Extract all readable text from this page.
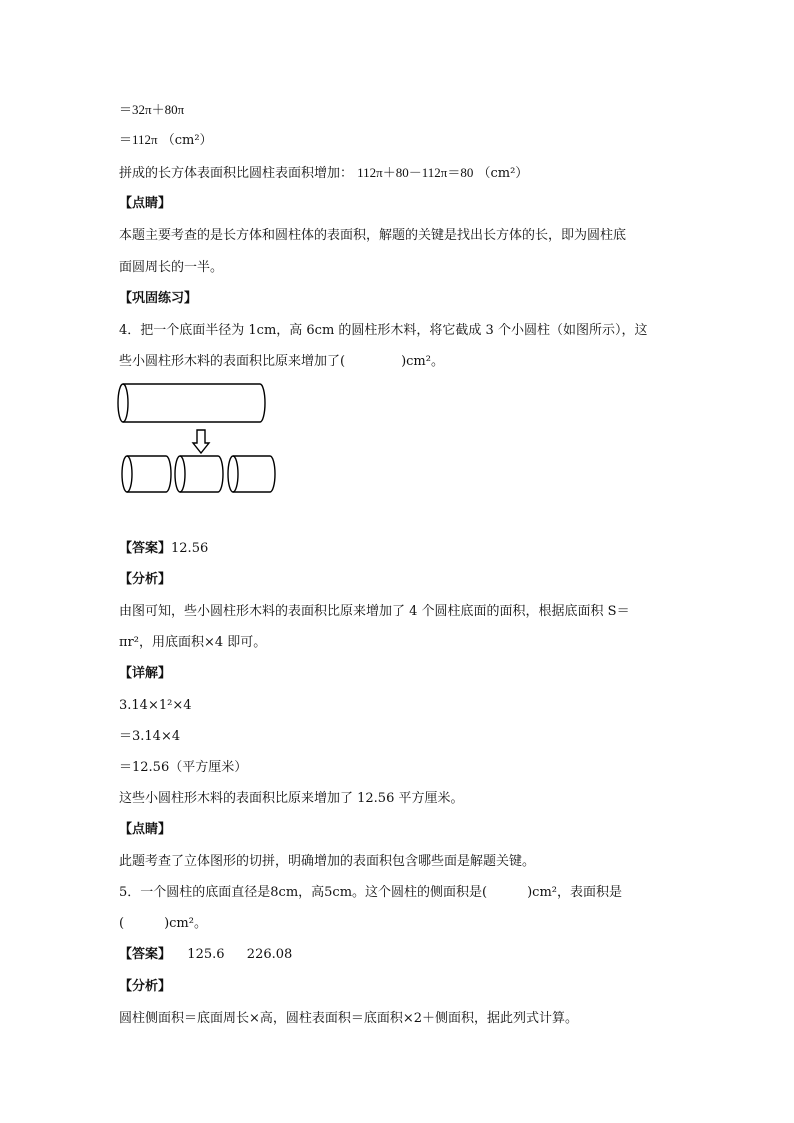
＝32π＋80π
＝112π （cm²）
拼成的长方体表面积比圆柱表面积增加： 112π＋80－112π＝80 （cm²）
【点睛】
本题主要考查的是长方体和圆柱体的表面积，解题的关键是找出长方体的长，即为圆柱底
面圆周长的一半。
【巩固练习】
4．把一个底面半径为 1cm，高 6cm 的圆柱形木料，将它截成 3 个小圆柱（如图所示），这
些小圆柱形木料的表面积比原来增加了(	)cm²。
【答案】12.56
【分析】
由图可知，些小圆柱形木料的表面积比原来增加了 4 个圆柱底面的面积，根据底面积 S＝
πr²，用底面积×4 即可。
【详解】
3.14×1²×4
＝3.14×4
＝12.56（平方厘米）
这些小圆柱形木料的表面积比原来增加了 12.56 平方厘米。
【点睛】
此题考查了立体图形的切拼，明确增加的表面积包含哪些面是解题关键。
5．一个圆柱的底面直径是8cm，高5cm。这个圆柱的侧面积是(	)cm²，表面积是
(	)cm²。
【答案】 125.6 226.08
【分析】
圆柱侧面积＝底面周长×高，圆柱表面积＝底面积×2＋侧面积，据此列式计算。
